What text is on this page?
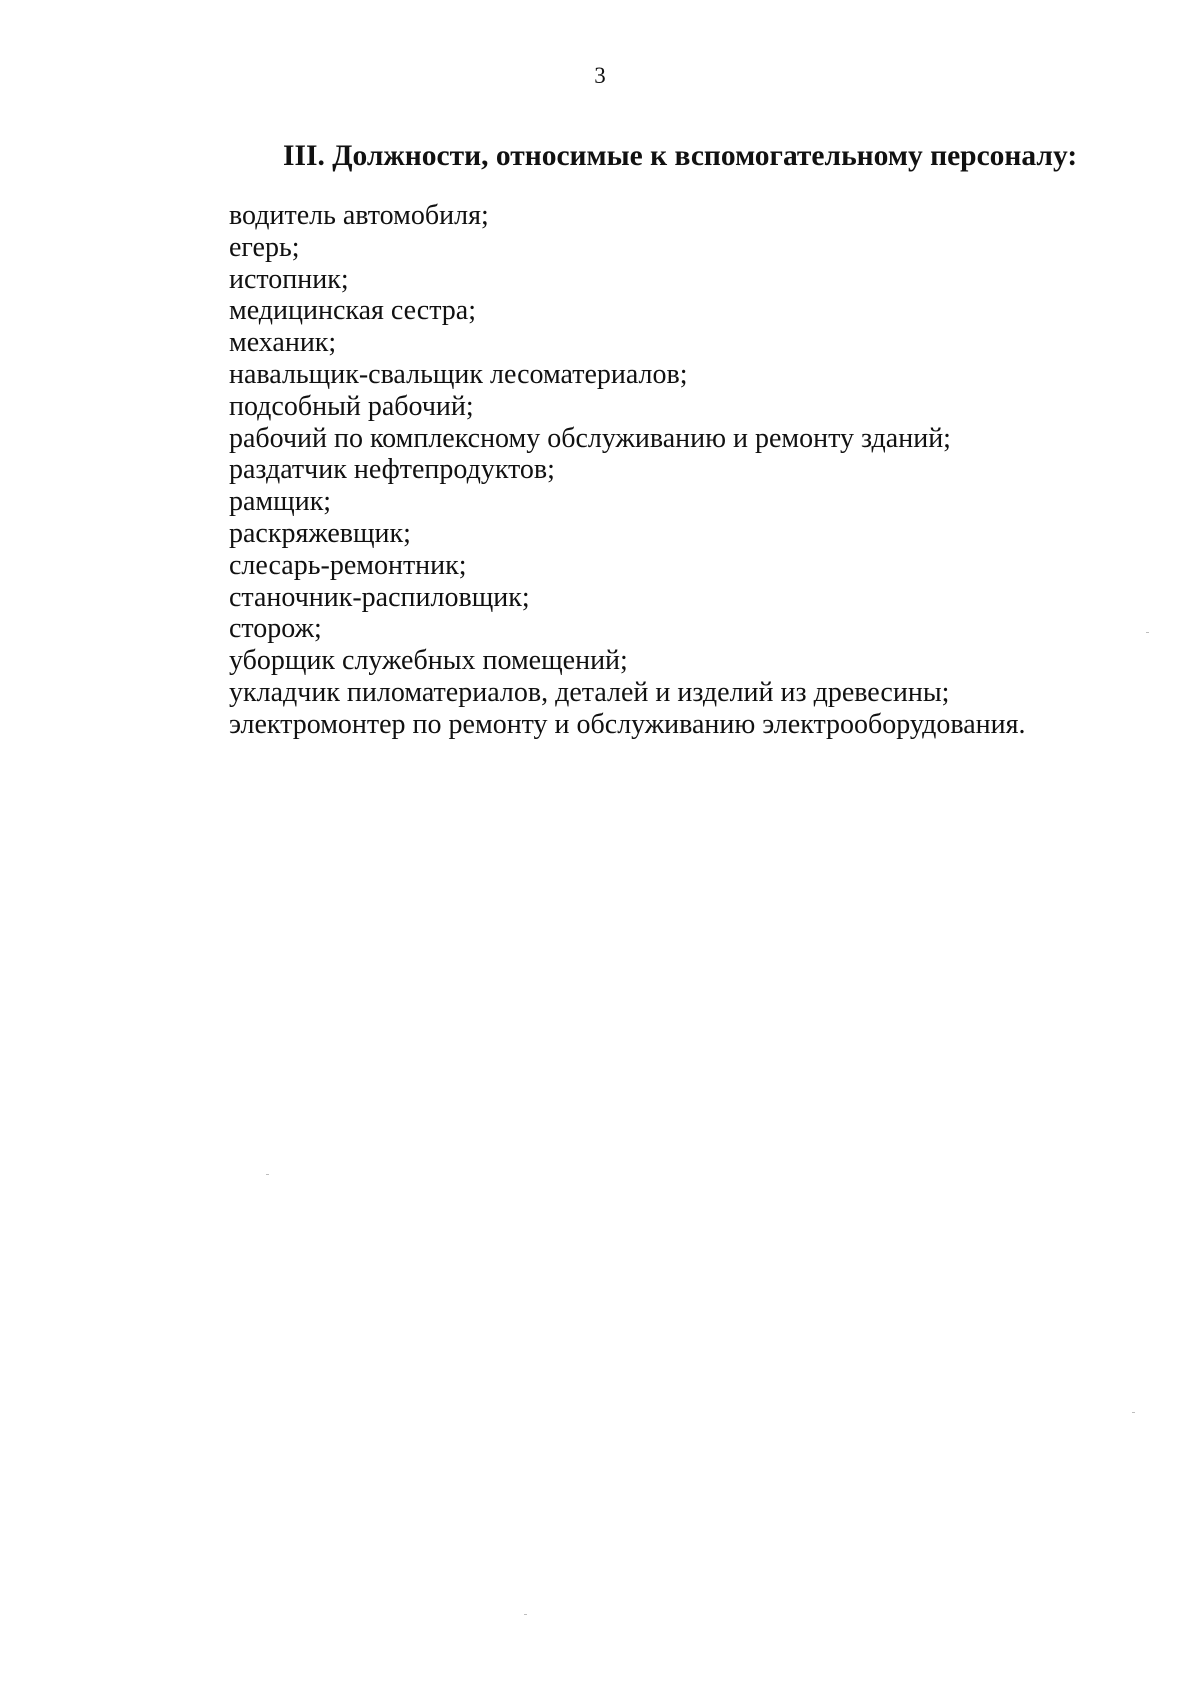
3
III. Должности, относимые к вспомогательному персоналу:
водитель автомобиля;
егерь;
истопник;
медицинская сестра;
механик;
навальщик-свальщик лесоматериалов;
подсобный рабочий;
рабочий по комплексному обслуживанию и ремонту зданий;
раздатчик нефтепродуктов;
рамщик;
раскряжевщик;
слесарь-ремонтник;
станочник-распиловщик;
сторож;
уборщик служебных помещений;
укладчик пиломатериалов, деталей и изделий из древесины;
электромонтер по ремонту и обслуживанию электрооборудования.
